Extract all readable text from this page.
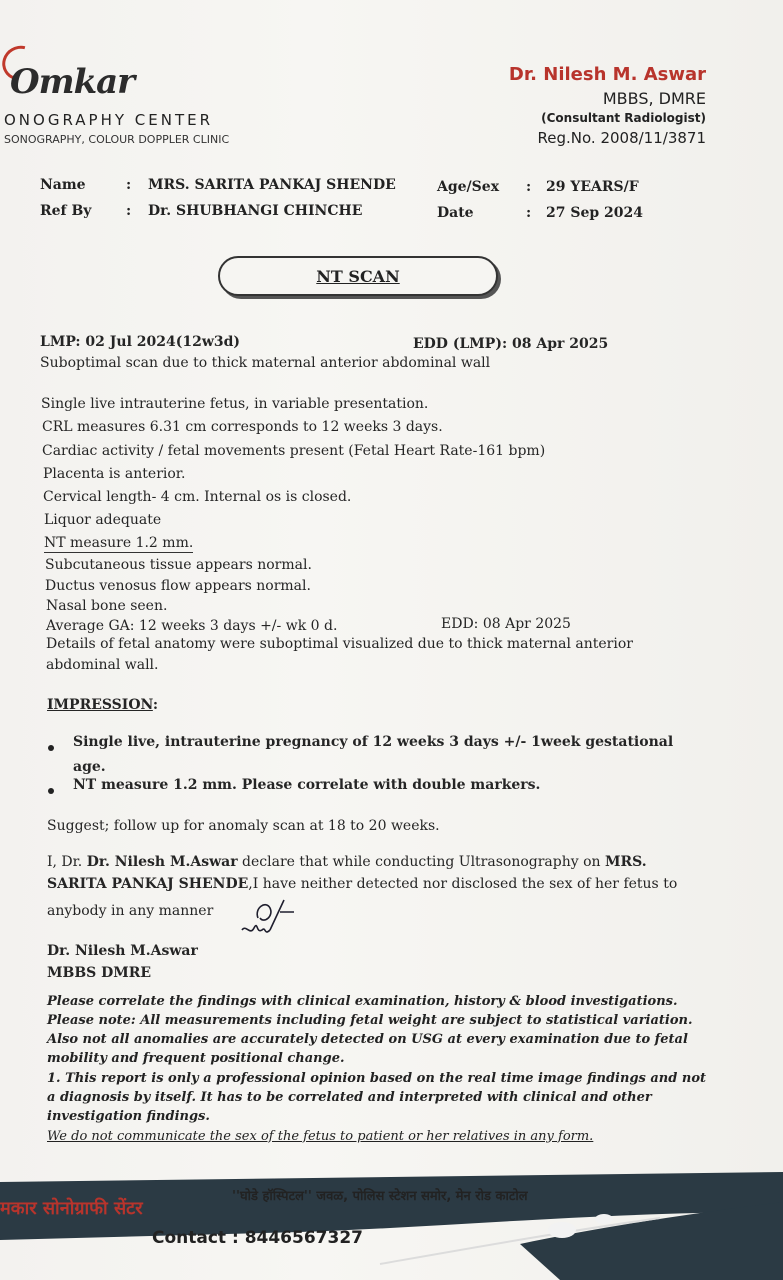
Omkar
ONOGRAPHY CENTER
SONOGRAPHY, COLOUR DOPPLER CLINIC
Dr. Nilesh M. Aswar
MBBS, DMRE
(Consultant Radiologist)
Reg.No. 2008/11/3871
Name	: MRS. SARITA PANKAJ SHENDE
Ref By : Dr. SHUBHANGI CHINCHE
Age/Sex : 29 YEARS/F
Date	: 27 Sep 2024
NT SCAN
LMP: 02 Jul 2024(12w3d)	EDD (LMP): 08 Apr 2025
Suboptimal scan due to thick maternal anterior abdominal wall
Single live intrauterine fetus, in variable presentation.
CRL measures 6.31 cm corresponds to 12 weeks 3 days.
Cardiac activity / fetal movements present (Fetal Heart Rate-161 bpm)
Placenta is anterior.
Cervical length- 4 cm. Internal os is closed.
Liquor adequate
NT measure 1.2 mm.
Subcutaneous tissue appears normal.
Ductus venosus flow appears normal.
Nasal bone seen.
Average GA: 12 weeks 3 days +/- wk 0 d.	EDD: 08 Apr 2025
Details of fetal anatomy were suboptimal visualized due to thick maternal anterior
abdominal wall.
IMPRESSION:
Single live, intrauterine pregnancy of 12 weeks 3 days +/- 1week gestational
age.
NT measure 1.2 mm. Please correlate with double markers.
Suggest; follow up for anomaly scan at 18 to 20 weeks.
I, Dr. Dr. Nilesh M.Aswar declare that while conducting Ultrasonography on MRS.
SARITA PANKAJ SHENDE,I have neither detected nor disclosed the sex of her fetus to
anybody in any manner
Dr. Nilesh M.Aswar
MBBS DMRE
Please correlate the findings with clinical examination, history & blood investigations.
Please note: All measurements including fetal weight are subject to statistical variation.
Also not all anomalies are accurately detected on USG at every examination due to fetal
mobility and frequent positional change.
1. This report is only a professional opinion based on the real time image findings and not
a diagnosis by itself. It has to be correlated and interpreted with clinical and other
investigation findings.
We do not communicate the sex of the fetus to patient or her relatives in any form.
मकार सोनोग्राफी सेंटर
''घोडे हॉस्पिटल'' जवळ, पोलिस स्टेशन समोर, मेन रोड काटोल
Contact : 8446567327
